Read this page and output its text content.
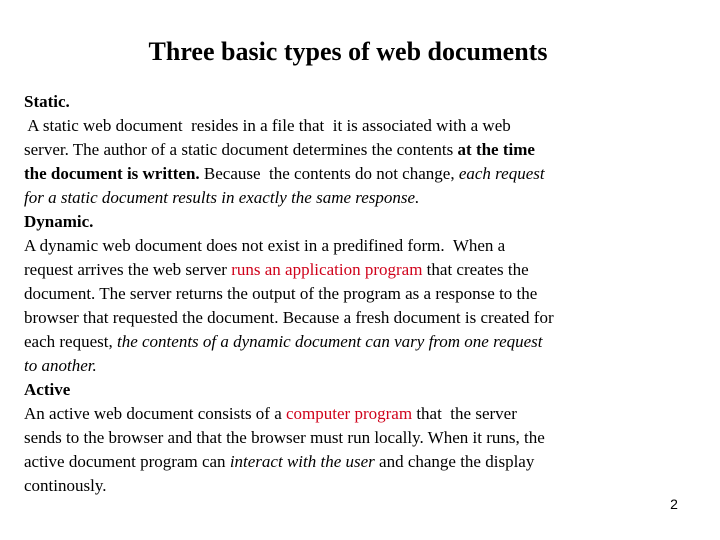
Three basic types of web documents
Static.
A static web document  resides in a file that  it is associated with a web
server. The author of a static document determines the contents at the time
the document is written. Because  the contents do not change, each request
for a static document results in exactly the same response.
Dynamic.
A dynamic web document does not exist in a predifined form.  When a
request arrives the web server runs an application program that creates the
document. The server returns the output of the program as a response to the
browser that requested the document. Because a fresh document is created for
each request, the contents of a dynamic document can vary from one request
to another.
Active
An active web document consists of a computer program that  the server
sends to the browser and that the browser must run locally. When it runs, the
active document program can interact with the user and change the display
continously.
2
